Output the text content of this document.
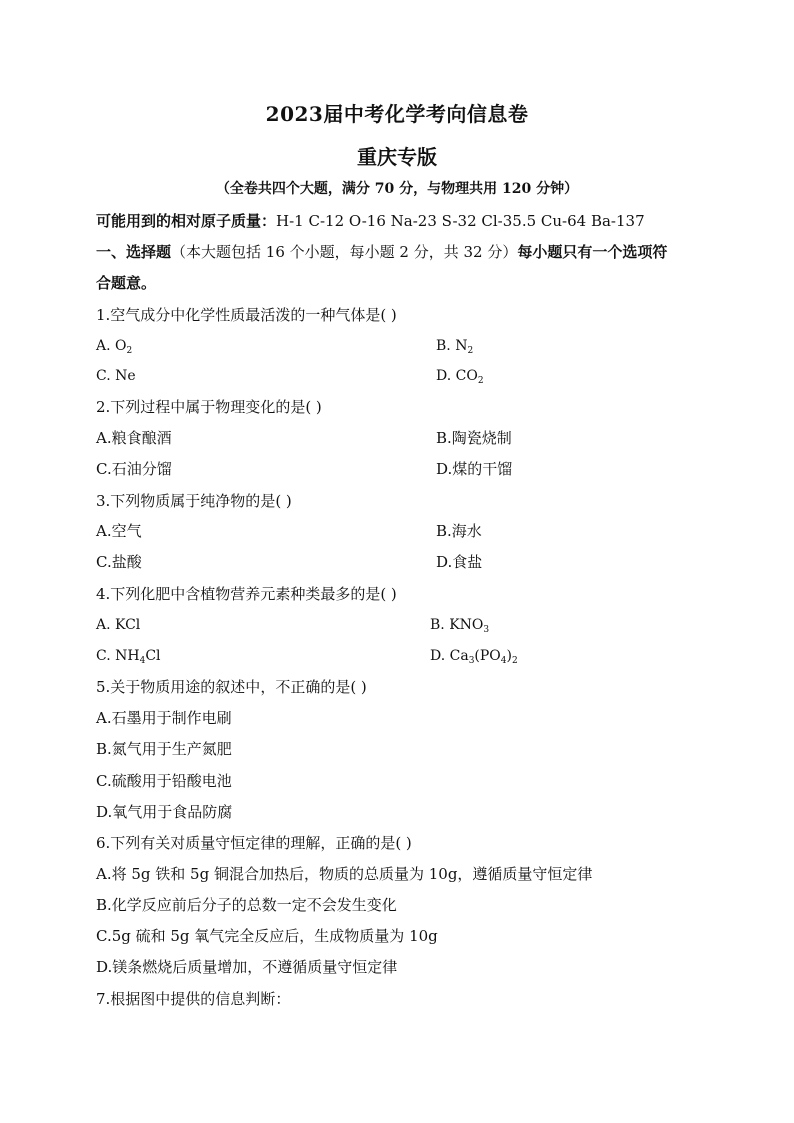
2023届中考化学考向信息卷
重庆专版
（全卷共四个大题，满分 70 分，与物理共用 120 分钟）
可能用到的相对原子质量：H-1 C-12 O-16 Na-23 S-32 Cl-35.5 Cu-64 Ba-137
一、选择题（本大题包括 16 个小题，每小题 2 分，共 32 分）每小题只有一个选项符
合题意。
1.空气成分中化学性质最活泼的一种气体是( )
A. $O_2$	B. $N_2$
C. Ne	D. $CO_2$
2.下列过程中属于物理变化的是( )
A.粮食酿酒	B.陶瓷烧制
C.石油分馏	D.煤的干馏
3.下列物质属于纯净物的是( )
A.空气	B.海水
C.盐酸	D.食盐
4.下列化肥中含植物营养元素种类最多的是( )
A. KCl	B. $KNO_3$
C. $NH_4Cl$	D. $Ca_3(PO_4)_2$
5.关于物质用途的叙述中，不正确的是( )
A.石墨用于制作电刷
B.氮气用于生产氮肥
C.硫酸用于铅酸电池
D.氧气用于食品防腐
6.下列有关对质量守恒定律的理解，正确的是( )
A.将 5g 铁和 5g 铜混合加热后，物质的总质量为 10g，遵循质量守恒定律
B.化学反应前后分子的总数一定不会发生变化
C.5g 硫和 5g 氧气完全反应后，生成物质量为 10g
D.镁条燃烧后质量增加，不遵循质量守恒定律
7.根据图中提供的信息判断：
